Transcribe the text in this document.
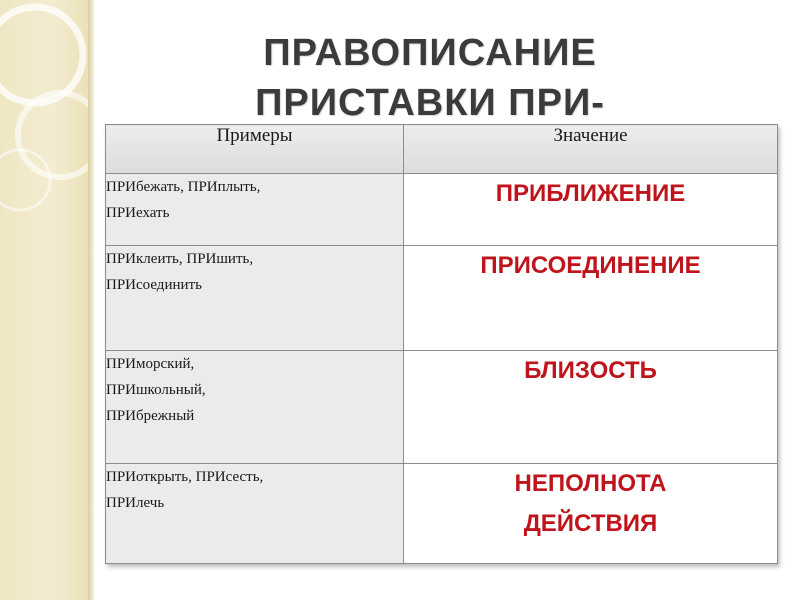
ПРАВОПИСАНИЕ
ПРИСТАВКИ ПРИ-
Примеры	Значение

ПРИбежать, ПРИплыть,
ПРИехать	ПРИБЛИЖЕНИЕ

ПРИклеить, ПРИшить,
ПРИсоединить	ПРИСОЕДИНЕНИЕ

ПРИморский,
ПРИшкольный,
ПРИбрежный	БЛИЗОСТЬ

ПРИоткрыть, ПРИсесть,
ПРИлечь	НЕПОЛНОТА
ДЕЙСТВИЯ
